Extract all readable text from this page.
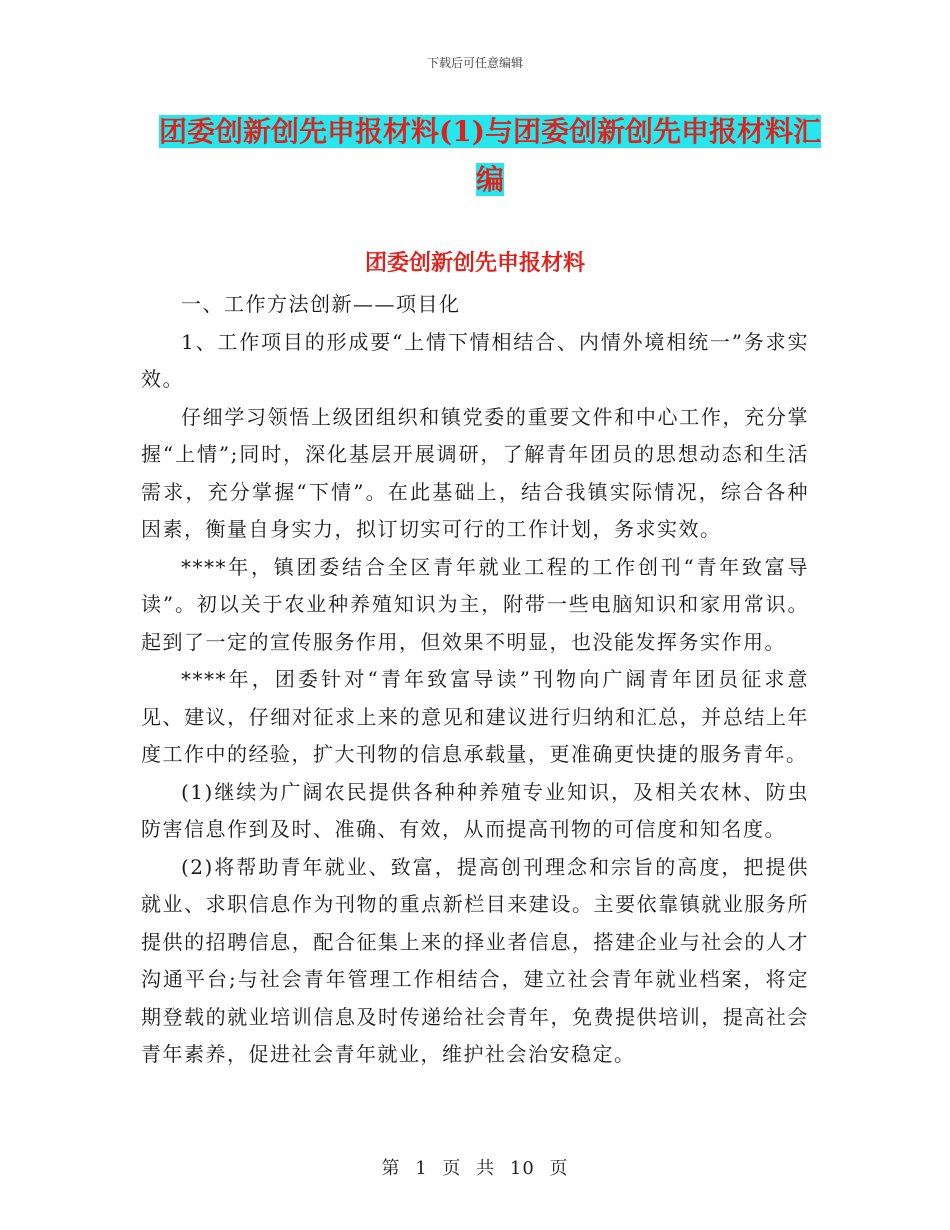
下载后可任意编辑
团委创新创先申报材料(1)与团委创新创先申报材料汇
编
团委创新创先申报材料

一、工作方法创新——项目化

1、工作项目的形成要“上情下情相结合、内情外境相统一”务求实效。

仔细学习领悟上级团组织和镇党委的重要文件和中心工作，充分掌握“上情”;同时，深化基层开展调研，了解青年团员的思想动态和生活需求，充分掌握“下情”。在此基础上，结合我镇实际情况，综合各种因素，衡量自身实力，拟订切实可行的工作计划，务求实效。

****年，镇团委结合全区青年就业工程的工作创刊“青年致富导读”。初以关于农业种养殖知识为主，附带一些电脑知识和家用常识。起到了一定的宣传服务作用，但效果不明显，也没能发挥务实作用。

****年，团委针对“青年致富导读”刊物向广阔青年团员征求意见、建议，仔细对征求上来的意见和建议进行归纳和汇总，并总结上年度工作中的经验，扩大刊物的信息承载量，更准确更快捷的服务青年。

(1)继续为广阔农民提供各种种养殖专业知识，及相关农林、防虫防害信息作到及时、准确、有效，从而提高刊物的可信度和知名度。

(2)将帮助青年就业、致富，提高创刊理念和宗旨的高度，把提供就业、求职信息作为刊物的重点新栏目来建设。主要依靠镇就业服务所提供的招聘信息，配合征集上来的择业者信息，搭建企业与社会的人才沟通平台;与社会青年管理工作相结合，建立社会青年就业档案，将定期登载的就业培训信息及时传递给社会青年，免费提供培训，提高社会青年素养，促进社会青年就业，维护社会治安稳定。

第 1 页 共 10 页
